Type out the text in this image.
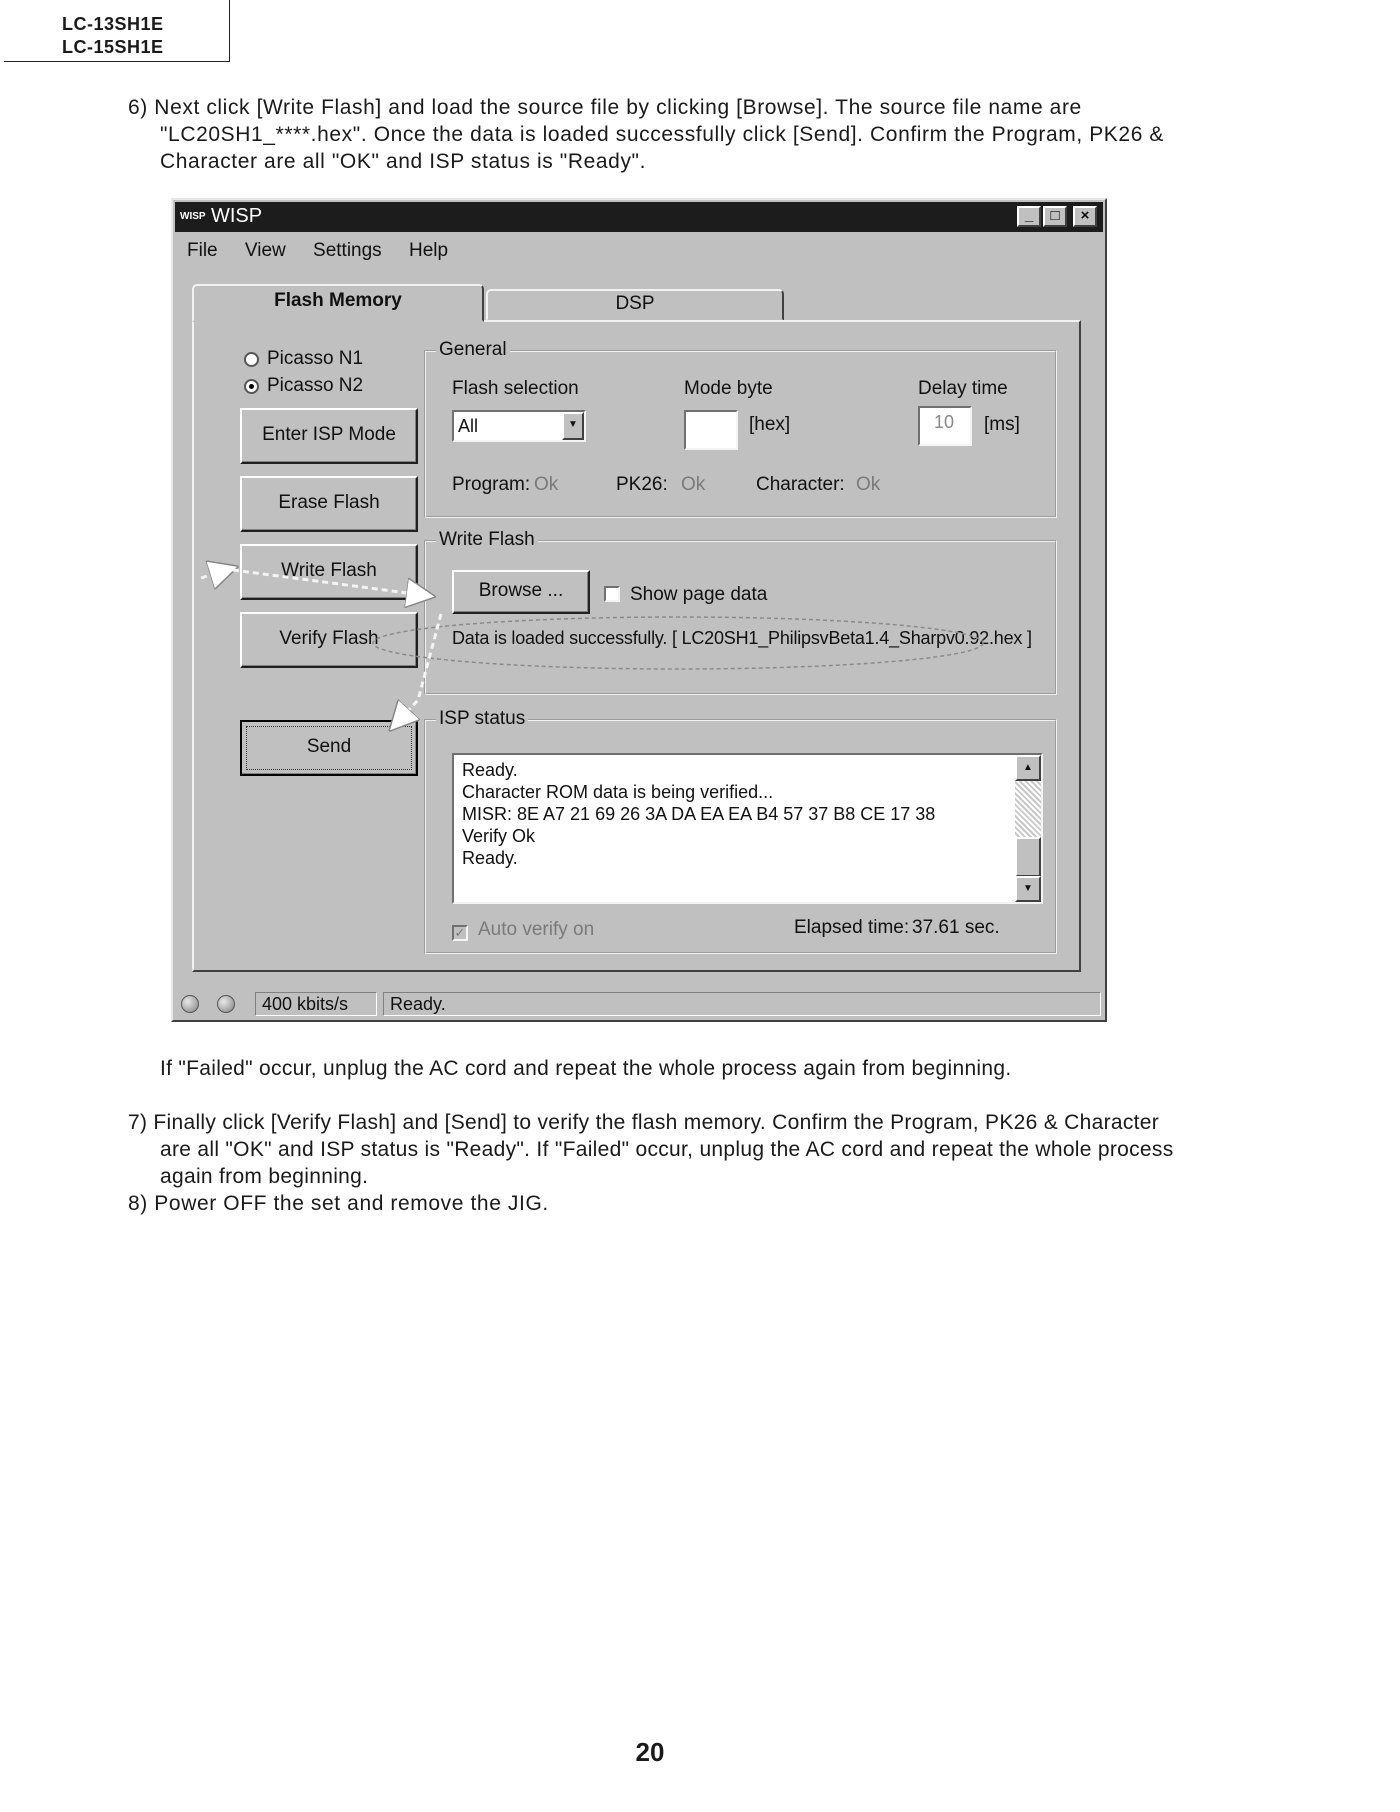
LC-13SH1E
LC-15SH1E
6) Next click [Write Flash] and load the source file by clicking [Browse]. The source file name are
"LC20SH1_****.hex". Once the data is loaded successfully click [Send]. Confirm the Program, PK26 &
Character are all "OK" and ISP status is "Ready".
WISP WISP	_	□	×
File View Settings Help
Flash Memory	DSP
Picasso N1
Picasso N2
Enter ISP Mode
Erase Flash
Write Flash
Verify Flash
Send
General
Flash selection
All	▼
Mode byte
[hex]
Delay time
10	[ms]
Program: Ok	PK26: Ok	Character: Ok
Write Flash
Browse ...	Show page data
Data is loaded successfully. [ LC20SH1_PhilipsvBeta1.4_Sharpv0.92.hex ]
ISP status
Ready.
Character ROM data is being verified...
MISR: 8E A7 21 69 26 3A DA EA EA B4 57 37 B8 CE 17 38
Verify Ok
Ready.
▲
▼
✓ Auto verify on	Elapsed time: 37.61 sec.
400 kbits/s	Ready.
If "Failed" occur, unplug the AC cord and repeat the whole process again from beginning.
7) Finally click [Verify Flash] and [Send] to verify the flash memory. Confirm the Program, PK26 & Character
are all "OK" and ISP status is "Ready". If "Failed" occur, unplug the AC cord and repeat the whole process
again from beginning.
8) Power OFF the set and remove the JIG.
20
